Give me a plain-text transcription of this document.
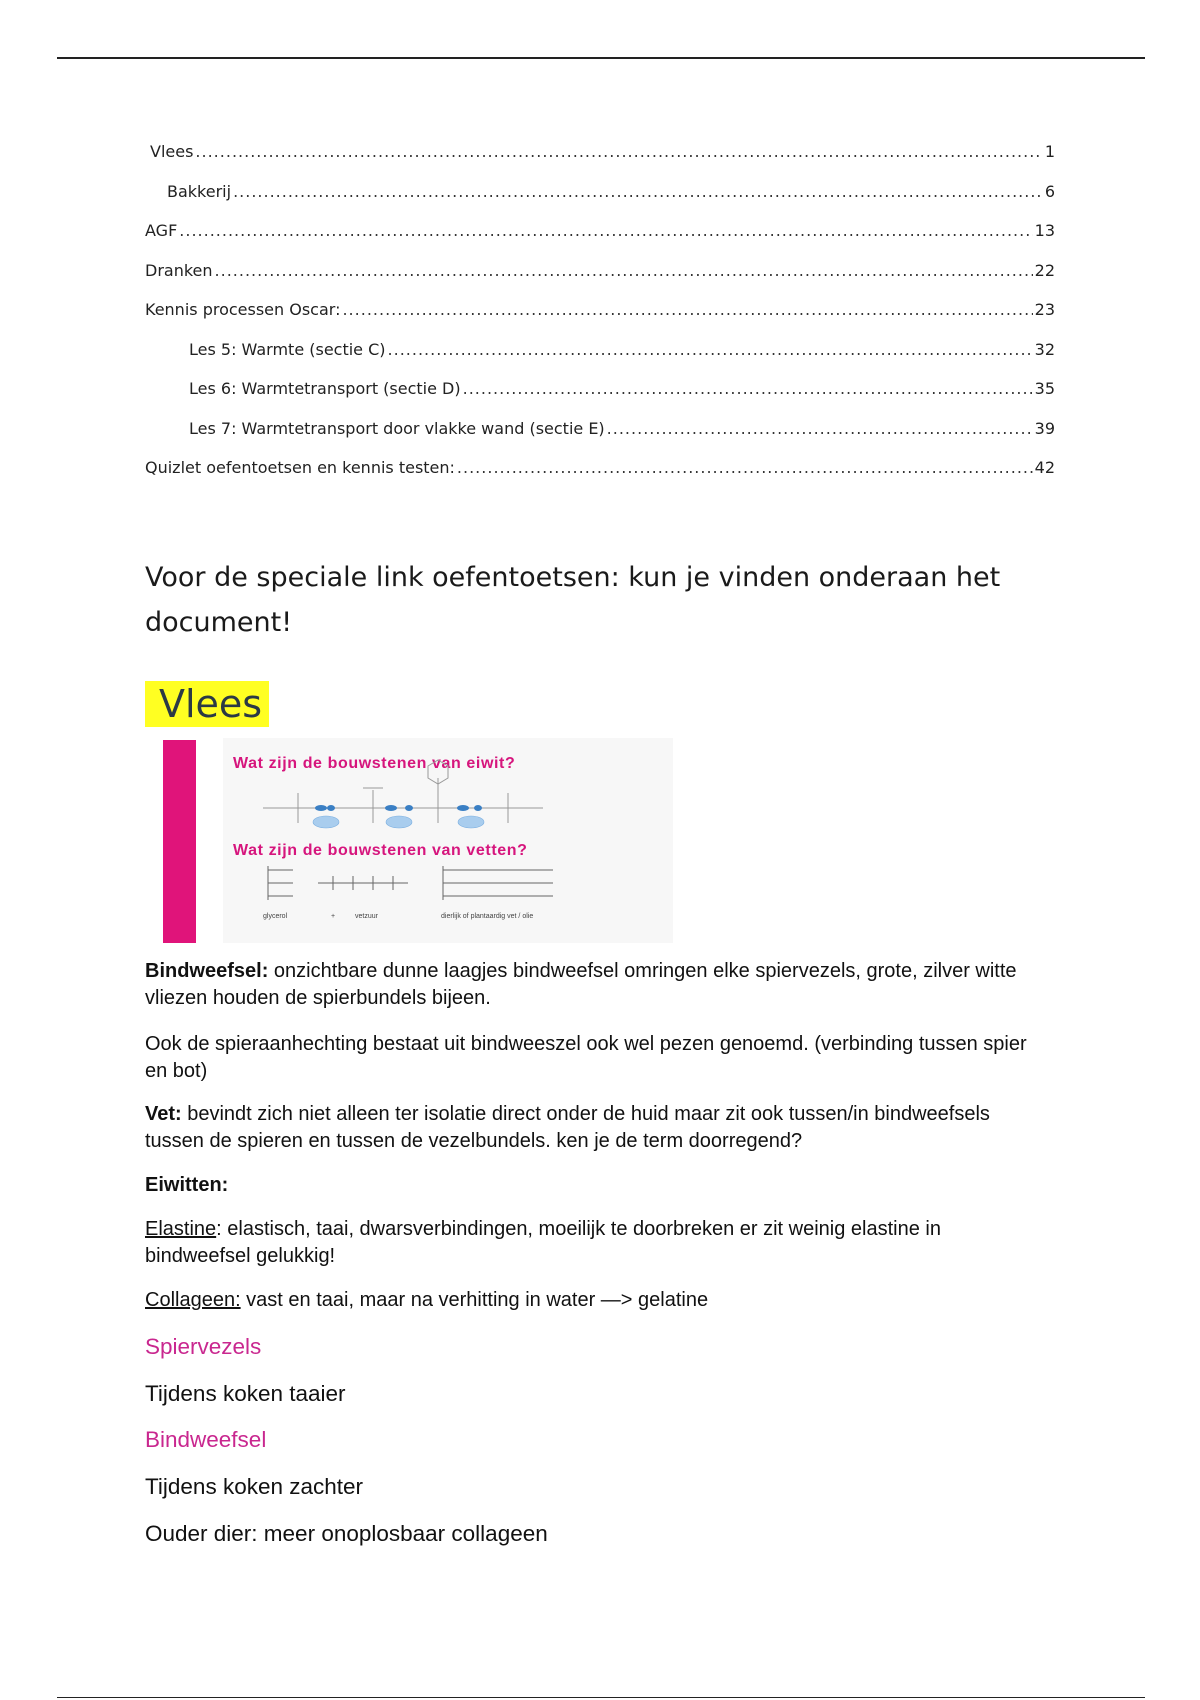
Vlees .....	1
Bakkerij .....	6
AGF .....	13
Dranken .....	22
Kennis processen Oscar: .....	23
Les 5: Warmte (sectie C) .....	32
Les 6: Warmtetransport (sectie D) .....	35
Les 7: Warmtetransport door vlakke wand (sectie E) .....	39
Quizlet oefentoetsen en kennis testen: .....	42
Voor de speciale link oefentoetsen: kun je vinden onderaan het document!
Vlees
Wat zijn de bouwstenen van eiwit?
Wat zijn de bouwstenen van vetten?
glycerol	+	vetzuur	dierlijk of plantaardig vet / olie
Bindweefsel: onzichtbare dunne laagjes bindweefsel omringen elke spiervezels, grote, zilver witte vliezen houden de spierbundels bijeen.
Ook de spieraanhechting bestaat uit bindweeszel ook wel pezen genoemd. (verbinding tussen spier en bot)
Vet: bevindt zich niet alleen ter isolatie direct onder de huid maar zit ook tussen/in bindweefsels tussen de spieren en tussen de vezelbundels. ken je de term doorregend?
Eiwitten:
Elastine: elastisch, taai, dwarsverbindingen, moeilijk te doorbreken er zit weinig elastine in bindweefsel gelukkig!
Collageen: vast en taai, maar na verhitting in water —> gelatine
Spiervezels
Tijdens koken taaier
Bindweefsel
Tijdens koken zachter
Ouder dier: meer onoplosbaar collageen
